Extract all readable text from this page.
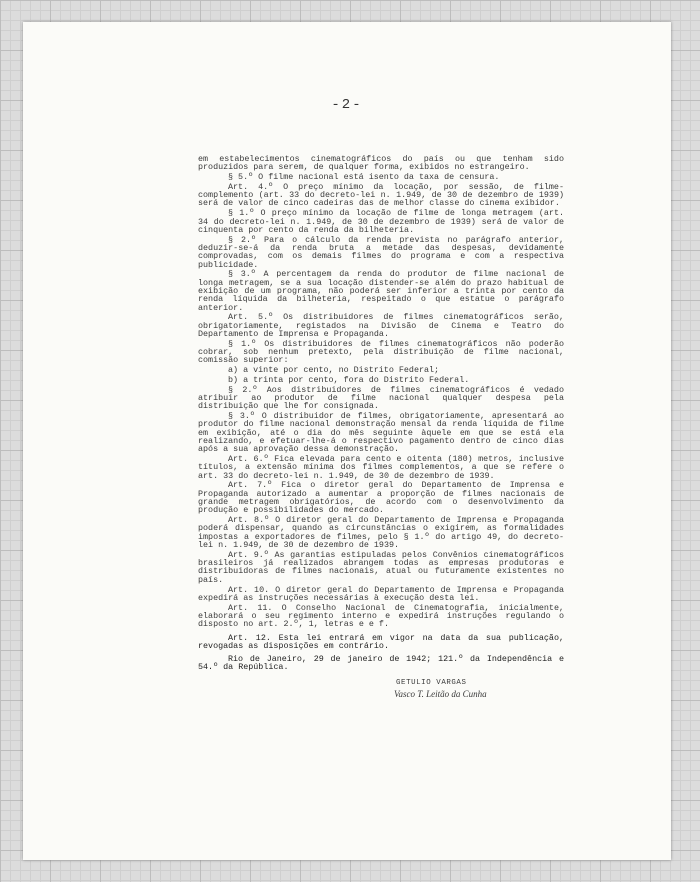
-2-

em estabelecimentos cinematográficos do país ou que tenham sido produzidos para serem, de qualquer forma, exibidos no estrangeiro.

§ 5.º O filme nacional está isento da taxa de censura.

Art. 4.º O preço mínimo da locação, por sessão, de filme-complemento (art. 33 do decreto-lei n. 1.949, de 30 de dezembro de 1939) será de valor de cinco cadeiras das de melhor classe do cinema exibidor.

§ 1.º O preço mínimo da locação de filme de longa metragem (art. 34 do decreto-lei n. 1.949, de 30 de dezembro de 1939) será de valor de cinquenta por cento da renda da bilheteria.

§ 2.º Para o cálculo da renda prevista no parágrafo anterior, deduzir-se-á da renda bruta a metade das despesas, devidamente comprovadas, com os demais filmes do programa e com a respectiva publicidade.

§ 3.º A percentagem da renda do produtor de filme nacional de longa metragem, se a sua locação distender-se além do prazo habitual de exibição de um programa, não poderá ser inferior a trinta por cento da renda líquida da bilheteria, respeitado o que estatue o parágrafo anterior.

Art. 5.º Os distribuidores de filmes cinematográficos serão, obrigatoriamente, registados na Divisão de Cinema e Teatro do Departamento de Imprensa e Propaganda.

§ 1.º Os distribuidores de filmes cinematográficos não poderão cobrar, sob nenhum pretexto, pela distribuição de filme nacional, comissão superior:

a) a vinte por cento, no Distrito Federal;

b) a trinta por cento, fora do Distrito Federal.

§ 2.º Aos distribuidores de filmes cinematográficos é vedado atribuir ao produtor de filme nacional qualquer despesa pela distribuição que lhe for consignada.

§ 3.º O distribuidor de filmes, obrigatoriamente, apresentará ao produtor do filme nacional demonstração mensal da renda líquida de filme em exibição, até o dia do mês seguinte àquele em que se está ela realizando, e efetuar-lhe-á o respectivo pagamento dentro de cinco dias após a sua aprovação dessa demonstração.

Art. 6.º Fica elevada para cento e oitenta (180) metros, inclusive títulos, a extensão mínima dos filmes complementos, a que se refere o art. 33 do decreto-lei n. 1.949, de 30 de dezembro de 1939.

Art. 7.º Fica o diretor geral do Departamento de Imprensa e Propaganda autorizado a aumentar a proporção de filmes nacionais de grande metragem obrigatórios, de acordo com o desenvolvimento da produção e possibilidades do mercado.

Art. 8.º O diretor geral do Departamento de Imprensa e Propaganda poderá dispensar, quando as circunstâncias o exigirem, as formalidades impostas a exportadores de filmes, pelo § 1.º do artigo 49, do decreto-lei n. 1.949, de 30 de dezembro de 1939.

Art. 9.º As garantias estipuladas pelos Convênios cinematográficos brasileiros já realizados abrangem todas as empresas produtoras e distribuidoras de filmes nacionais, atual ou futuramente existentes no país.

Art. 10. O diretor geral do Departamento de Imprensa e Propaganda expedirá as instruções necessárias à execução desta lei.

Art. 11. O Conselho Nacional de Cinematografia, inicialmente, elaborará o seu regimento interno e expedirá instruções regulando o disposto no art. 2.º, 1, letras e e f.

Art. 12. Esta lei entrará em vigor na data da sua publicação, revogadas as disposições em contrário.

Rio de Janeiro, 29 de janeiro de 1942; 121.º da Independência e 54.º da República.

GETULIO VARGAS
Vasco T. Leitão da Cunha
